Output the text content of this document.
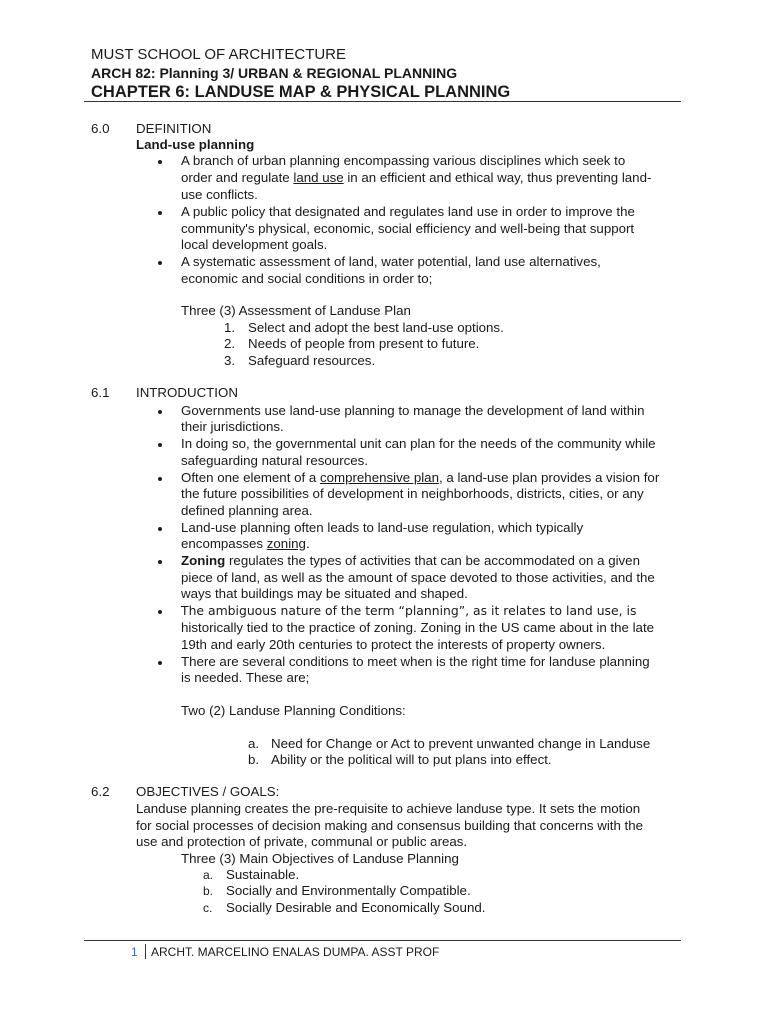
MUST SCHOOL OF ARCHITECTURE
ARCH 82: Planning 3/ URBAN & REGIONAL PLANNING
CHAPTER 6: LANDUSE MAP & PHYSICAL PLANNING
6.0 DEFINITION
Land-use planning
A branch of urban planning encompassing various disciplines which seek to
order and regulate land use in an efficient and ethical way, thus preventing land-
use conflicts.
A public policy that designated and regulates land use in order to improve the
community's physical, economic, social efficiency and well-being that support
local development goals.
A systematic assessment of land, water potential, land use alternatives,
economic and social conditions in order to;
Three (3) Assessment of Landuse Plan
1. Select and adopt the best land-use options.
2. Needs of people from present to future.
3. Safeguard resources.
6.1 INTRODUCTION
Governments use land-use planning to manage the development of land within
their jurisdictions.
In doing so, the governmental unit can plan for the needs of the community while
safeguarding natural resources.
Often one element of a comprehensive plan, a land-use plan provides a vision for
the future possibilities of development in neighborhoods, districts, cities, or any
defined planning area.
Land-use planning often leads to land-use regulation, which typically
encompasses zoning.
Zoning regulates the types of activities that can be accommodated on a given
piece of land, as well as the amount of space devoted to those activities, and the
ways that buildings may be situated and shaped.
The ambiguous nature of the term “planning”, as it relates to land use, is
historically tied to the practice of zoning. Zoning in the US came about in the late
19th and early 20th centuries to protect the interests of property owners.
There are several conditions to meet when is the right time for landuse planning
is needed. These are;
Two (2) Landuse Planning Conditions:
a. Need for Change or Act to prevent unwanted change in Landuse
b. Ability or the political will to put plans into effect.
6.2 OBJECTIVES / GOALS:
Landuse planning creates the pre-requisite to achieve landuse type. It sets the motion
for social processes of decision making and consensus building that concerns with the
use and protection of private, communal or public areas.
Three (3) Main Objectives of Landuse Planning
a. Sustainable.
b. Socially and Environmentally Compatible.
c. Socially Desirable and Economically Sound.
1 ARCHT. MARCELINO ENALAS DUMPA. ASST PROF
